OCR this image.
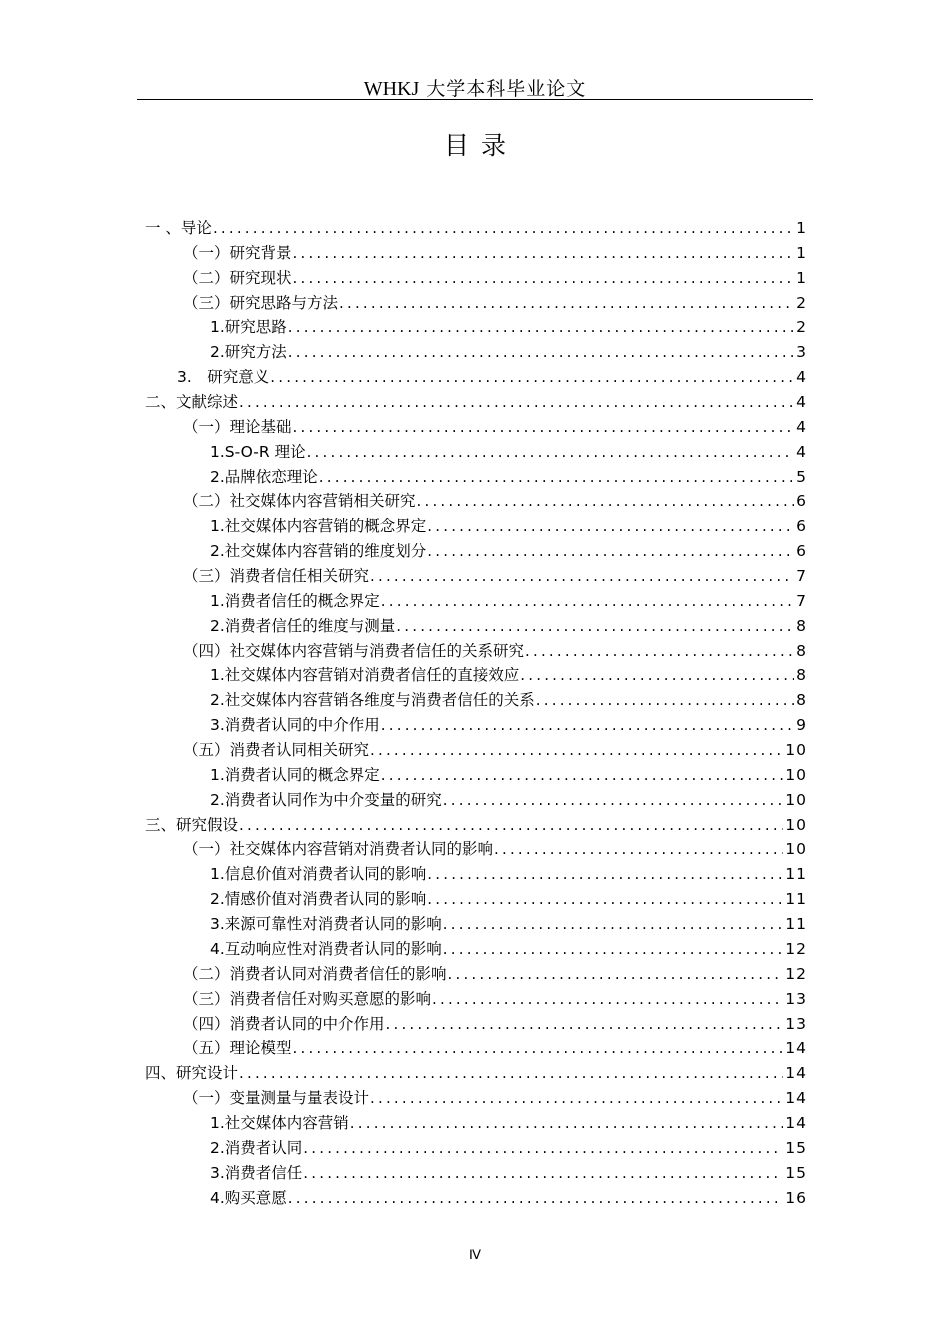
WHKJ 大学本科毕业论文
目录
一 、导论 .....	1
（一）研究背景 .....	1
（二）研究现状 .....	1
（三）研究思路与方法 .....	2
1.研究思路 .....	2
2.研究方法 .....	3
3.　研究意义 .....	4
二、文献综述 .....	4
（一）理论基础 .....	4
1.S-O-R 理论 .....	4
2.品牌依恋理论 .....	5
（二）社交媒体内容营销相关研究 .....	6
1.社交媒体内容营销的概念界定 .....	6
2.社交媒体内容营销的维度划分 .....	6
（三）消费者信任相关研究 .....	7
1.消费者信任的概念界定 .....	7
2.消费者信任的维度与测量 .....	8
（四）社交媒体内容营销与消费者信任的关系研究 .....	8
1.社交媒体内容营销对消费者信任的直接效应 .....	8
2.社交媒体内容营销各维度与消费者信任的关系 .....	8
3.消费者认同的中介作用 .....	9
（五）消费者认同相关研究 .....	10
1.消费者认同的概念界定 .....	10
2.消费者认同作为中介变量的研究 .....	10
三、研究假设 .....	10
（一）社交媒体内容营销对消费者认同的影响 .....	10
1.信息价值对消费者认同的影响 .....	11
2.情感价值对消费者认同的影响 .....	11
3.来源可靠性对消费者认同的影响 .....	11
4.互动响应性对消费者认同的影响 .....	12
（二）消费者认同对消费者信任的影响 .....	12
（三）消费者信任对购买意愿的影响 .....	13
（四）消费者认同的中介作用 .....	13
（五）理论模型 .....	14
四、研究设计 .....	14
（一）变量测量与量表设计 .....	14
1.社交媒体内容营销 .....	14
2.消费者认同 .....	15
3.消费者信任 .....	15
4.购买意愿 .....	16
Ⅳ
